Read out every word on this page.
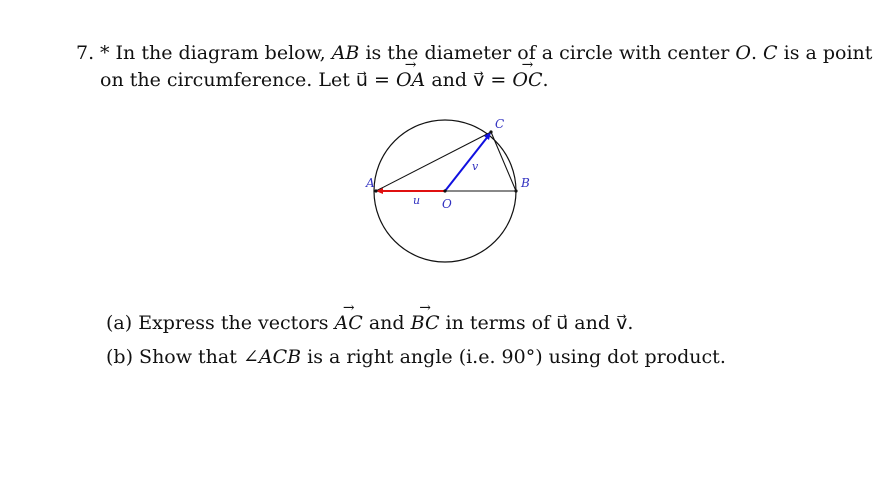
7. * In the diagram below, AB is the diameter of a circle with center O. C is a point
on the circumference. Let u⃗ = → OA and v⃗ = → OC.
A	B
C
O
u
v
(a) Express the vectors → AC and → BC in terms of u⃗ and v⃗.
(b) Show that ∠ACB is a right angle (i.e. 90°) using dot product.
